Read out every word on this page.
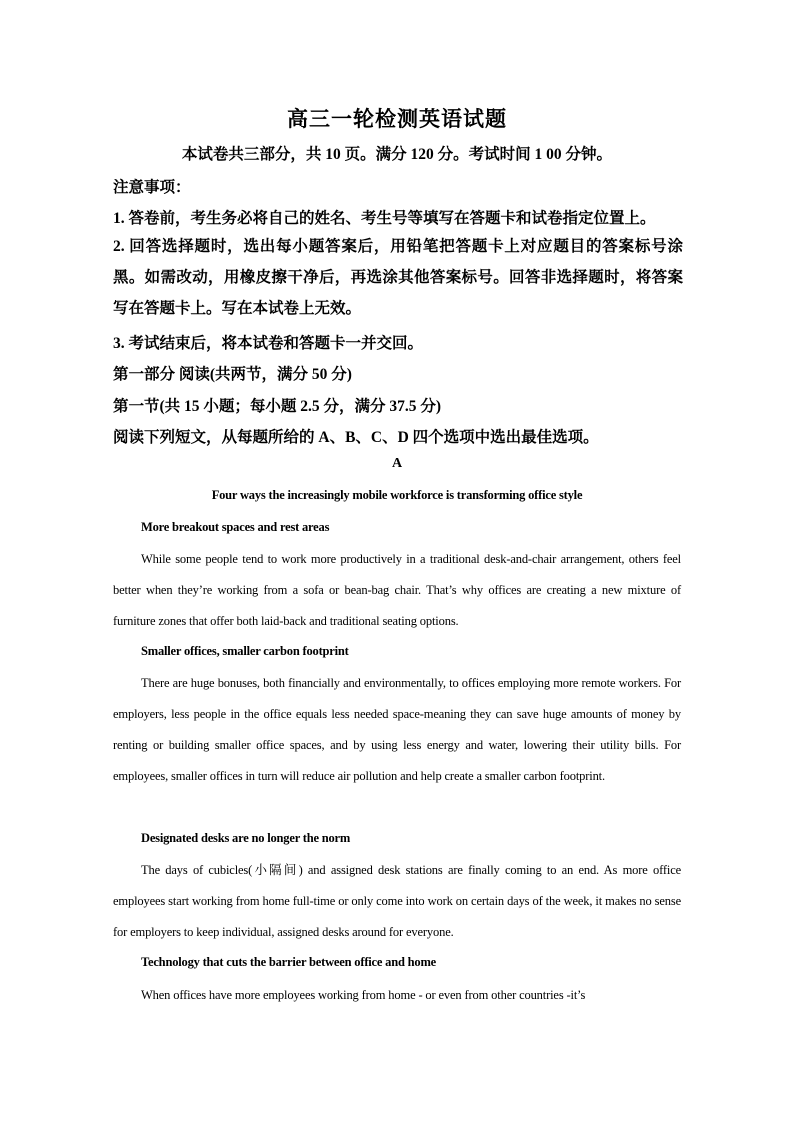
高三一轮检测英语试题
本试卷共三部分，共 10 页。满分 120 分。考试时间 1 00 分钟。
注意事项：
1. 答卷前，考生务必将自己的姓名、考生号等填写在答题卡和试卷指定位置上。
2. 回答选择题时，选出每小题答案后，用铅笔把答题卡上对应题目的答案标号涂黑。如需改动，用橡皮擦干净后，再选涂其他答案标号。回答非选择题时，将答案写在答题卡上。写在本试卷上无效。
3. 考试结束后，将本试卷和答题卡一并交回。
第一部分 阅读(共两节，满分 50 分)
第一节(共 15 小题；每小题 2.5 分，满分 37.5 分)
阅读下列短文，从每题所给的 A、B、C、D 四个选项中选出最佳选项。
A
Four ways the increasingly mobile workforce is transforming office style
More breakout spaces and rest areas
While some people tend to work more productively in a traditional desk-and-chair arrangement, others feel better when they’re working from a sofa or bean-bag chair. That’s why offices are creating a new mixture of furniture zones that offer both laid-back and traditional seating options.
Smaller offices, smaller carbon footprint
There are huge bonuses, both financially and environmentally, to offices employing more remote workers. For employers, less people in the office equals less needed space-meaning they can save huge amounts of money by renting or building smaller office spaces, and by using less energy and water, lowering their utility bills. For employees, smaller offices in turn will reduce air pollution and help create a smaller carbon footprint.
Designated desks are no longer the norm
The days of cubicles(小隔间) and assigned desk stations are finally coming to an end. As more office employees start working from home full-time or only come into work on certain days of the week, it makes no sense for employers to keep individual, assigned desks around for everyone.
Technology that cuts the barrier between office and home
When offices have more employees working from home - or even from other countries -it’s
